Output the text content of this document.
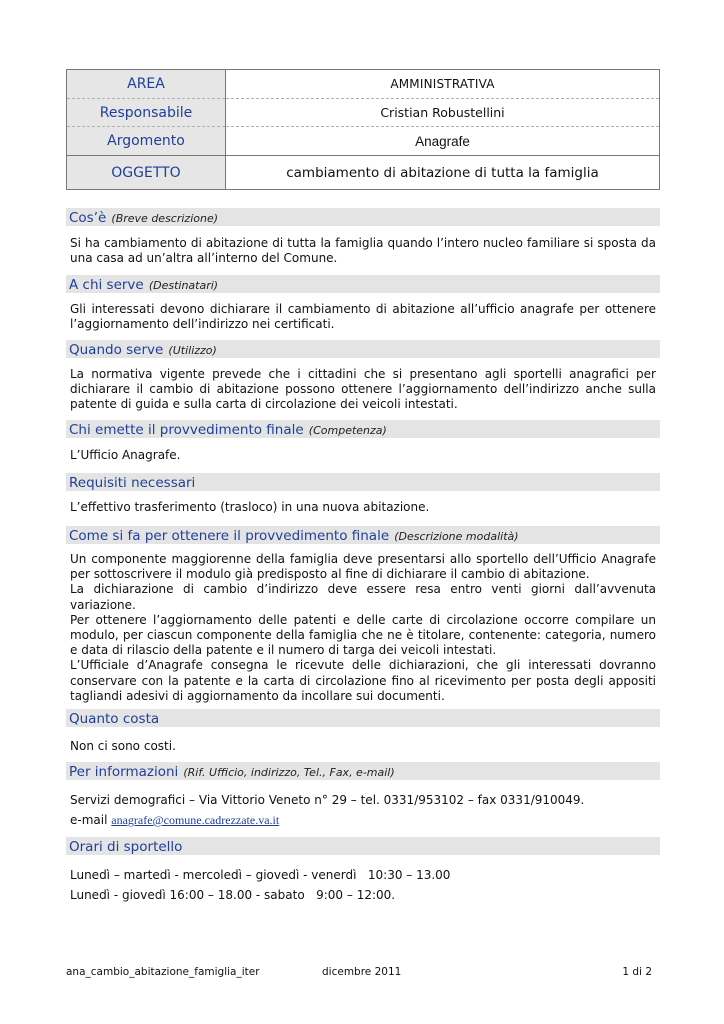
AREA	AMMINISTRATIVA
Responsabile	Cristian Robustellini
Argomento	Anagrafe
OGGETTO	cambiamento di abitazione di tutta la famiglia
Cos’è (Breve descrizione)
Si ha cambiamento di abitazione di tutta la famiglia quando l’intero nucleo familiare si sposta da una casa ad un’altra all’interno del Comune.
A chi serve (Destinatari)
Gli interessati devono dichiarare il cambiamento di abitazione all’ufficio anagrafe per ottenere l’aggiornamento dell’indirizzo nei certificati.
Quando serve (Utilizzo)
La normativa vigente prevede che i cittadini che si presentano agli sportelli anagrafici per dichiarare il cambio di abitazione possono ottenere l’aggiornamento dell’indirizzo anche sulla patente di guida e sulla carta di circolazione dei veicoli intestati.
Chi emette il provvedimento finale (Competenza)
L’Ufficio Anagrafe.
Requisiti necessari
L’effettivo trasferimento (trasloco) in una nuova abitazione.
Come si fa per ottenere il provvedimento finale (Descrizione modalità)

Un componente maggiorenne della famiglia deve presentarsi allo sportello dell’Ufficio Anagrafe per sottoscrivere il modulo già predisposto al fine di dichiarare il cambio di abitazione.

La dichiarazione di cambio d’indirizzo deve essere resa entro venti giorni dall’avvenuta variazione.

Per ottenere l’aggiornamento delle patenti e delle carte di circolazione occorre compilare un modulo, per ciascun componente della famiglia che ne è titolare, contenente: categoria, numero e data di rilascio della patente e il numero di targa dei veicoli intestati.

L’Ufficiale d’Anagrafe consegna le ricevute delle dichiarazioni, che gli interessati dovranno conservare con la patente e la carta di circolazione fino al ricevimento per posta degli appositi tagliandi adesivi di aggiornamento da incollare sui documenti.

Quanto costa
Non ci sono costi.
Per informazioni (Rif. Ufficio, indirizzo, Tel., Fax, e-mail)
Servizi demografici – Via Vittorio Veneto n° 29 – tel. 0331/953102 – fax 0331/910049.
e-mail anagrafe@comune.cadrezzate.va.it
Orari di sportello
Lunedì – martedì - mercoledì – giovedì - venerdì   10:30 – 13.00
Lunedì - giovedì 16:00 – 18.00 - sabato   9:00 – 12:00.
ana_cambio_abitazione_famiglia_iter	dicembre 2011	1 di 2
